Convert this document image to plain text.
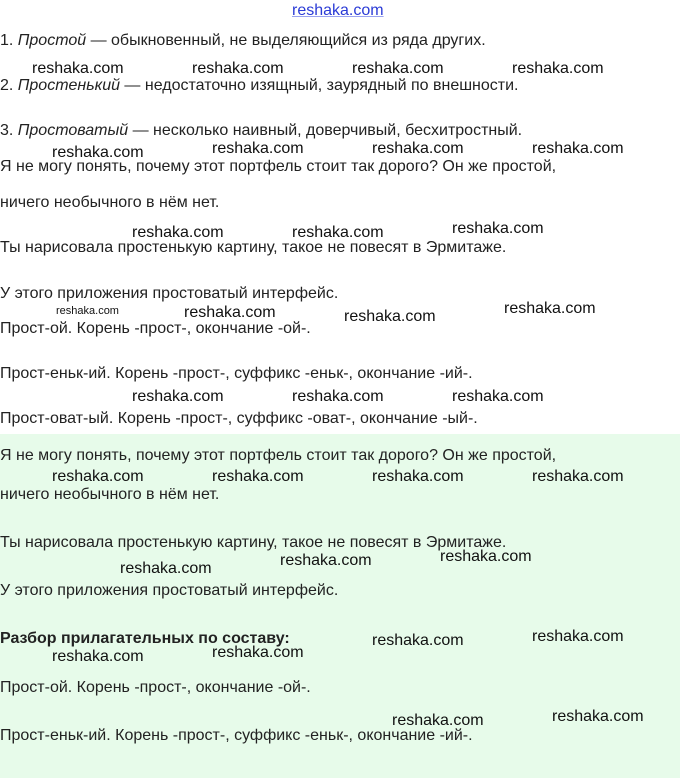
reshaka.com
1. Простой — обыкновенный, не выделяющийся из ряда других.
2. Простенький — недостаточно изящный, заурядный по внешности.
3. Простоватый — несколько наивный, доверчивый, бесхитростный.
Я не могу понять, почему этот портфель стоит так дорого? Он же простой,
ничего необычного в нём нет.
Ты нарисовала простенькую картину, такое не повесят в Эрмитаже.
У этого приложения простоватый интерфейс.
Прост-ой. Корень -прост-, окончание -ой-.
Прост-еньк-ий. Корень -прост-, суффикс -еньк-, окончание -ий-.
Прост-оват-ый. Корень -прост-, суффикс -оват-, окончание -ый-.
Я не могу понять, почему этот портфель стоит так дорого? Он же простой,
ничего необычного в нём нет.
Ты нарисовала простенькую картину, такое не повесят в Эрмитаже.
У этого приложения простоватый интерфейс.
Разбор прилагательных по составу:
Прост-ой. Корень -прост-, окончание -ой-.
Прост-еньк-ий. Корень -прост-, суффикс -еньк-, окончание -ий-.
reshaka.com	reshaka.com	reshaka.com	reshaka.com
reshaka.com	reshaka.com	reshaka.com	reshaka.com
reshaka.com	reshaka.com	reshaka.com
reshaka.com	reshaka.com	reshaka.com	reshaka.com
reshaka.com	reshaka.com	reshaka.com
reshaka.com	reshaka.com	reshaka.com	reshaka.com
reshaka.com	reshaka.com	reshaka.com
reshaka.com	reshaka.com
reshaka.com	reshaka.com
reshaka.com	reshaka.com
